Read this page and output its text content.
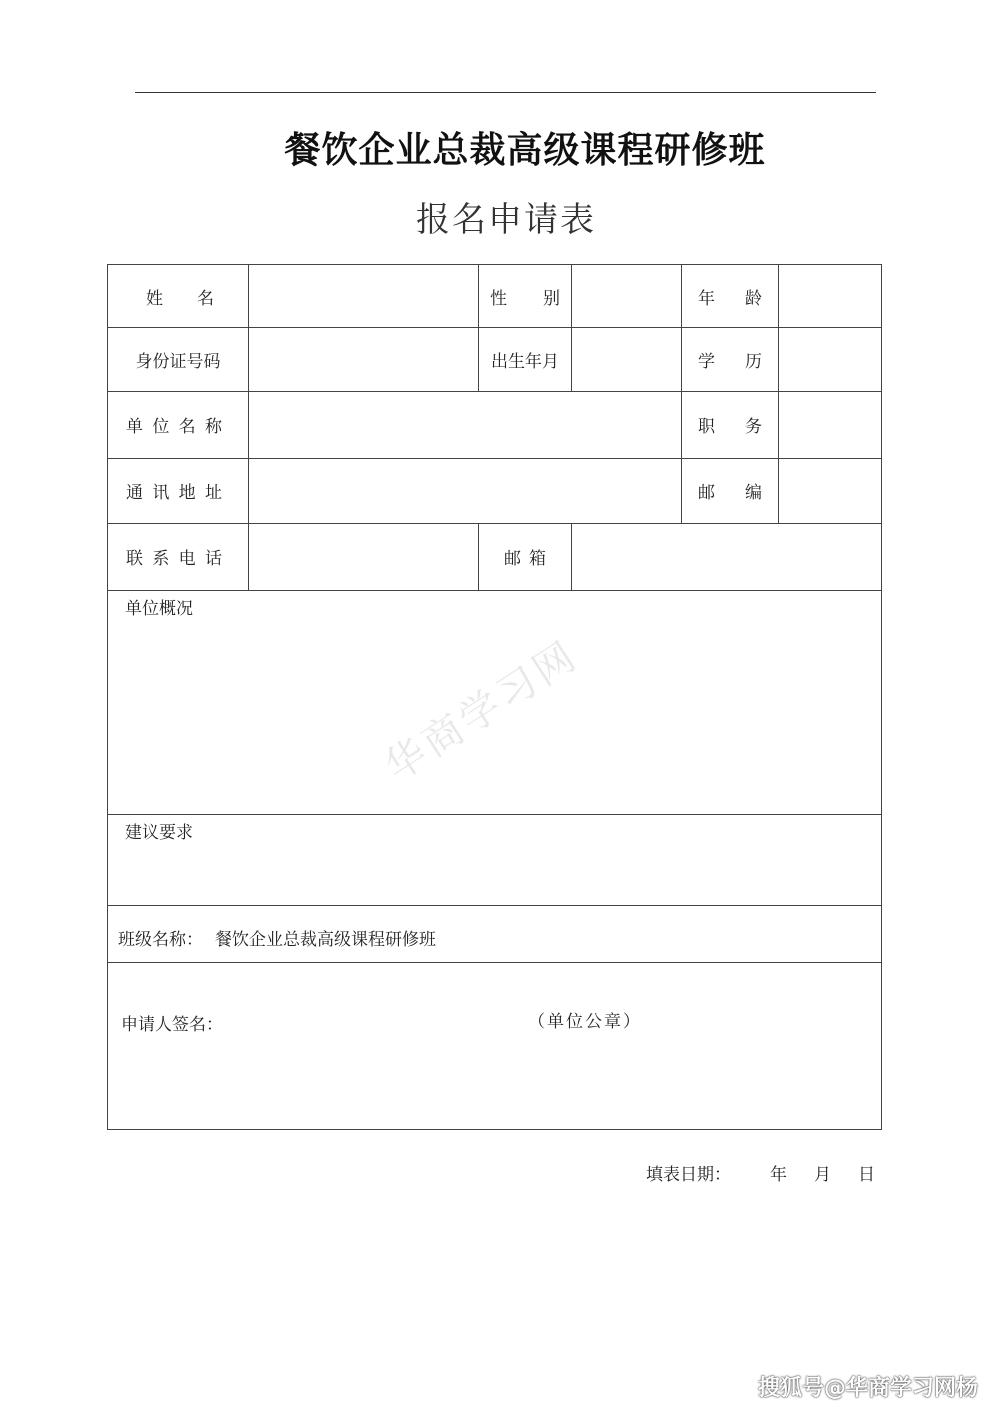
餐饮企业总裁高级课程研修班
报名申请表
姓 名	性 别	年 龄
身份证号码	出生年月	学 历
单 位 名 称	职 务
通 讯 地 址	邮 编
联 系 电 话	邮 箱
单位概况
建议要求
班级名称： 餐饮企业总裁高级课程研修班
申请人签名：	（单位公章）
华商学习网
填表日期： 年 月 日
搜狐号@华商学习网杨
